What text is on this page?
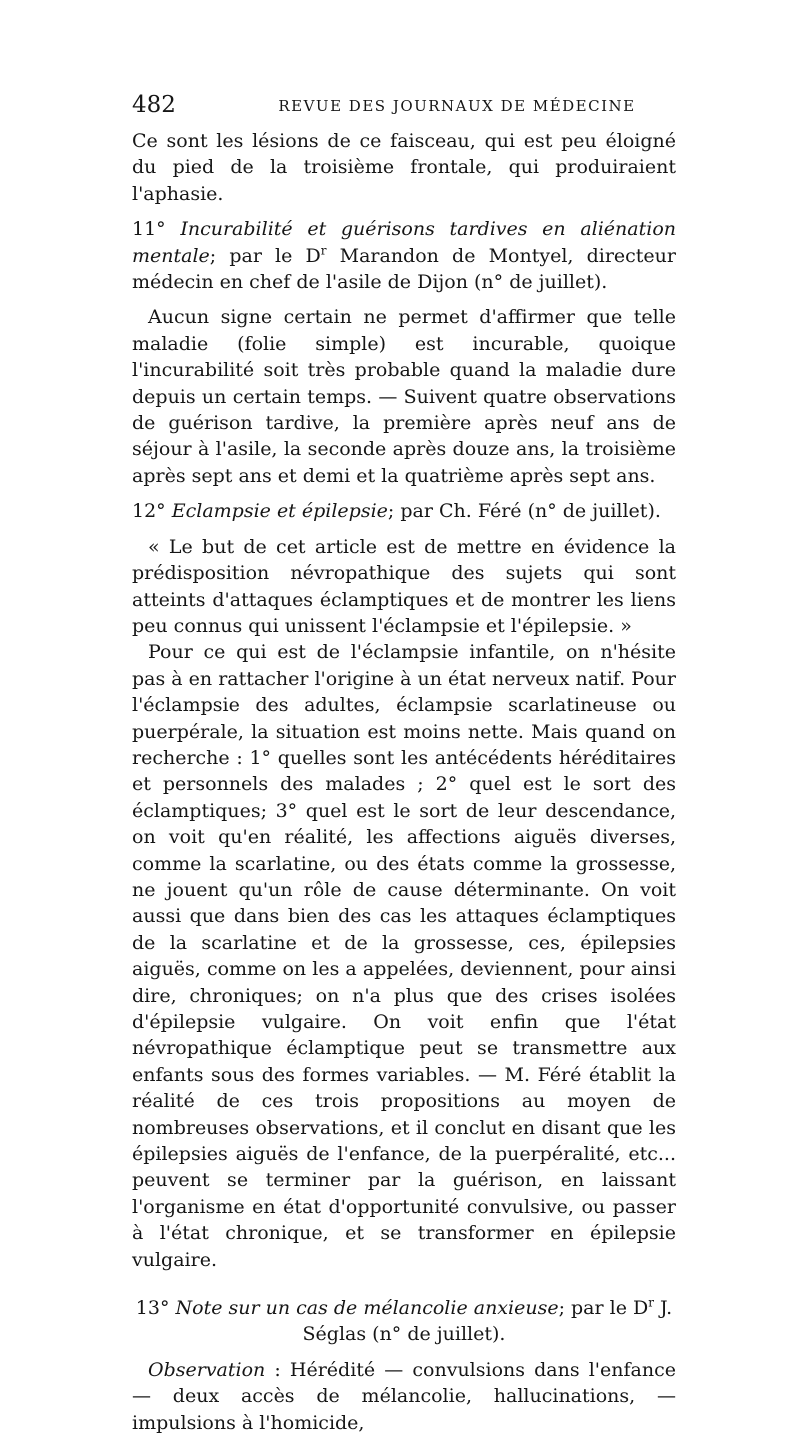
482	REVUE DES JOURNAUX DE MÉDECINE

Ce sont les lésions de ce faisceau, qui est peu éloigné du pied de la troisième frontale, qui produiraient l'aphasie.

11° Incurabilité et guérisons tardives en aliénation mentale; par le $D^r$ Marandon de Montyel, directeur médecin en chef de l'asile de Dijon (n° de juillet).

Aucun signe certain ne permet d'affirmer que telle maladie (folie simple) est incurable, quoique l'incurabilité soit très probable quand la maladie dure depuis un certain temps. — Suivent quatre observations de guérison tardive, la première après neuf ans de séjour à l'asile, la seconde après douze ans, la troisième après sept ans et demi et la quatrième après sept ans.

12° Eclampsie et épilepsie; par Ch. Féré (n° de juillet).

« Le but de cet article est de mettre en évidence la prédisposition névropathique des sujets qui sont atteints d'attaques éclamptiques et de montrer les liens peu connus qui unissent l'éclampsie et l'épilepsie. »

Pour ce qui est de l'éclampsie infantile, on n'hésite pas à en rattacher l'origine à un état nerveux natif. Pour l'éclampsie des adultes, éclampsie scarlatineuse ou puerpérale, la situation est moins nette. Mais quand on recherche : 1° quelles sont les antécédents héréditaires et personnels des malades ; 2° quel est le sort des éclamptiques; 3° quel est le sort de leur descendance, on voit qu'en réalité, les affections aiguës diverses, comme la scarlatine, ou des états comme la grossesse, ne jouent qu'un rôle de cause déterminante. On voit aussi que dans bien des cas les attaques éclamptiques de la scarlatine et de la grossesse, ces, épilepsies aiguës, comme on les a appelées, deviennent, pour ainsi dire, chroniques; on n'a plus que des crises isolées d'épilepsie vulgaire. On voit enfin que l'état névropathique éclamptique peut se transmettre aux enfants sous des formes variables. — M. Féré établit la réalité de ces trois propositions au moyen de nombreuses observations, et il conclut en disant que les épilepsies aiguës de l'enfance, de la puerpéralité, etc... peuvent se terminer par la guérison, en laissant l'organisme en état d'opportunité convulsive, ou passer à l'état chronique, et se transformer en épilepsie vulgaire.

13° Note sur un cas de mélancolie anxieuse; par le $D^r$ J. Séglas (n° de juillet).

Observation : Hérédité — convulsions dans l'enfance — deux accès de mélancolie, hallucinations, — impulsions à l'homicide,
